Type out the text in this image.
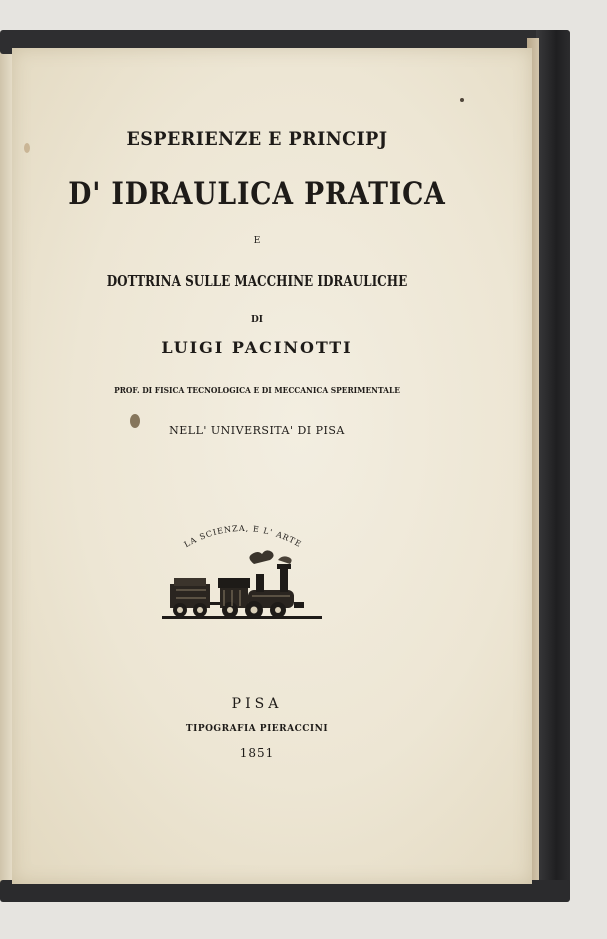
ESPERIENZE E PRINCIPJ
D' IDRAULICA PRATICA
E
DOTTRINA SULLE MACCHINE IDRAULICHE
DI
LUIGI PACINOTTI
PROF. DI FISICA TECNOLOGICA E DI MECCANICA SPERIMENTALE
NELL' UNIVERSITA' DI PISA
LA SCIENZA, E L' ARTE
PISA
TIPOGRAFIA PIERACCINI
1851
